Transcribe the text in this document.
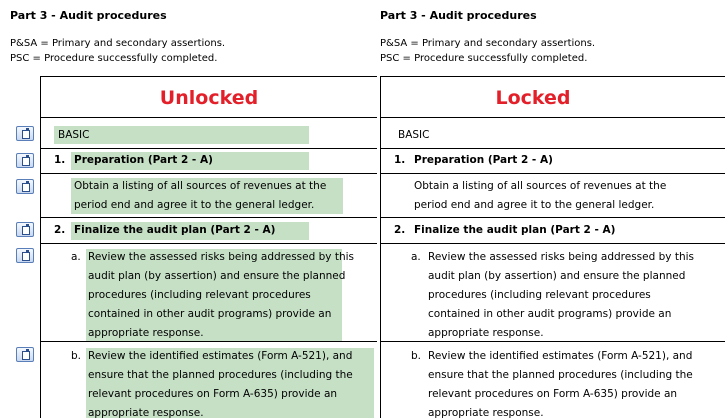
Part 3 - Audit procedures
P&SA = Primary and secondary assertions.
PSC = Procedure successfully completed.
Unlocked
BASIC
1. Preparation (Part 2 - A)
Obtain a listing of all sources of revenues at the
period end and agree it to the general ledger.
2. Finalize the audit plan (Part 2 - A)
a. Review the assessed risks being addressed by this
audit plan (by assertion) and ensure the planned
procedures (including relevant procedures
contained in other audit programs) provide an
appropriate response.
b. Review the identified estimates (Form A-521), and
ensure that the planned procedures (including the
relevant procedures on Form A-635) provide an
appropriate response.
Part 3 - Audit procedures
P&SA = Primary and secondary assertions.
PSC = Procedure successfully completed.
Locked
BASIC
1. Preparation (Part 2 - A)
Obtain a listing of all sources of revenues at the
period end and agree it to the general ledger.
2. Finalize the audit plan (Part 2 - A)
a. Review the assessed risks being addressed by this
audit plan (by assertion) and ensure the planned
procedures (including relevant procedures
contained in other audit programs) provide an
appropriate response.
b. Review the identified estimates (Form A-521), and
ensure that the planned procedures (including the
relevant procedures on Form A-635) provide an
appropriate response.
